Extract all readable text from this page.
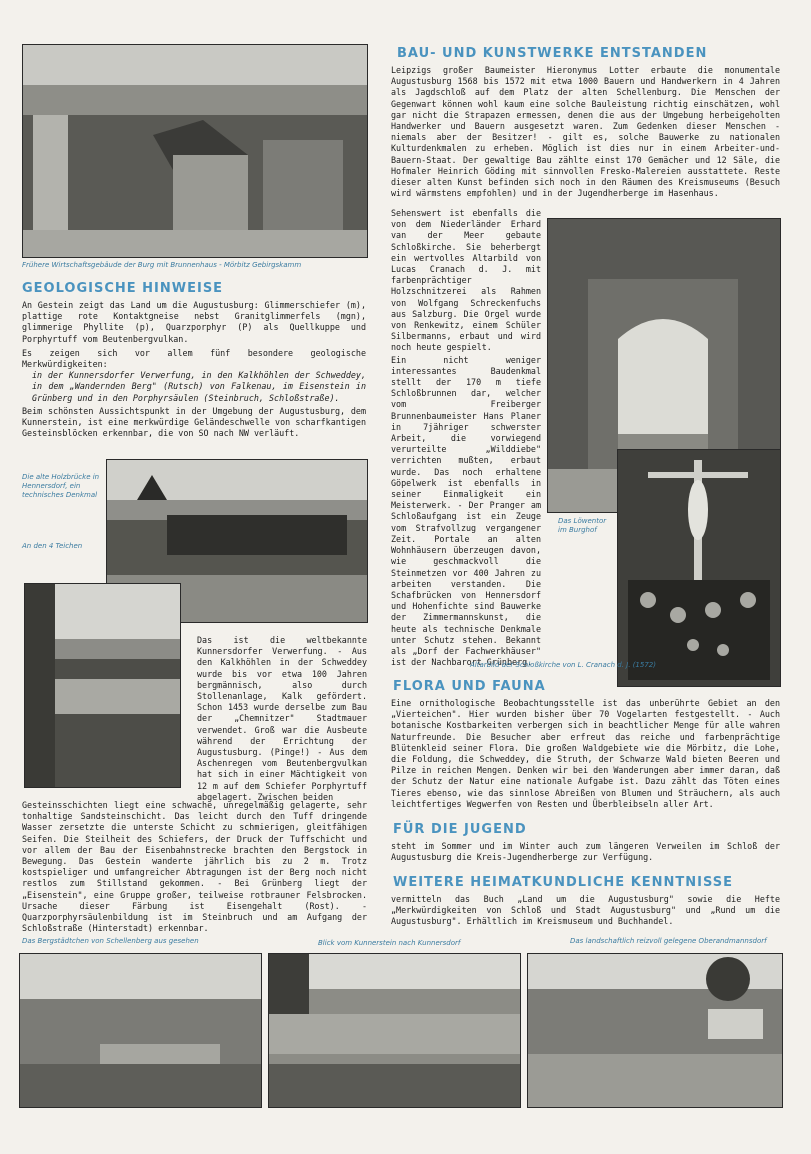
Frühere Wirtschaftsgebäude der Burg mit Brunnenhaus - Mörbitz Gebirgskamm
Die alte Holzbrücke in Hennersdorf, ein technisches Denkmal
An den 4 Teichen
Das Löwentor im Burghof
Das Bergstädtchen von Schellenberg aus gesehen	Blick vom Kunnerstein nach Kunnersdorf	Das landschaftlich reizvoll gelegene Oberandmannsdorf
GEOLOGISCHE HINWEISE

An Gestein zeigt das Land um die Augustusburg: Glimmerschiefer (m), plattige rote Kontaktgneise nebst Granitglimmerfels (mgn), glimmerige Phyllite (p), Quarzporphyr (P) als Quellkuppe und Porphyrtuff vom Beutenbergvulkan.

Es zeigen sich vor allem fünf besondere geologische Merkwürdigkeiten:

in der Kunnersdorfer Verwerfung, in den Kalkhöhlen der Schweddey, in dem „Wandernden Berg" (Rutsch) von Falkenau, im Eisenstein in Grünberg und in den Porphyrsäulen (Steinbruch, Schloßstraße).

Beim schönsten Aussichtspunkt in der Umgebung der Augustusburg, dem Kunnerstein, ist eine merkwürdige Geländeschwelle von scharfkantigen Gesteinsblöcken erkennbar, die von SO nach NW verläuft.

Das ist die weltbekannte Kunnersdorfer Verwerfung. - Aus den Kalkhöhlen in der Schweddey wurde bis vor etwa 100 Jahren bergmännisch, also durch Stollenanlage, Kalk gefördert. Schon 1453 wurde derselbe zum Bau der „Chemnitzer" Stadtmauer verwendet. Groß war die Ausbeute während der Errichtung der Augustusburg. (Pinge!) - Aus dem Aschenregen vom Beutenbergvulkan hat sich in einer Mächtigkeit von 12 m auf dem Schiefer Porphyrtuff abgelagert. Zwischen beiden
Gesteinsschichten liegt eine schwache, unregelmäßig gelagerte, sehr tonhaltige Sandsteinschicht. Das leicht durch den Tuff dringende Wasser zersetzte die unterste Schicht zu schmierigen, gleitfähigen Seifen. Die Steilheit des Schiefers, der Druck der Tuffschicht und vor allem der Bau der Eisenbahnstrecke brachten den Bergstock in Bewegung. Das Gestein wanderte jährlich bis zu 2 m. Trotz kostspieliger und umfangreicher Abtragungen ist der Berg noch nicht restlos zum Stillstand gekommen. - Bei Grünberg liegt der „Eisenstein", eine Gruppe großer, teilweise rotbrauner Felsbrocken. Ursache dieser Färbung ist Eisengehalt (Rost). - Quarzporphyrsäulenbildung ist im Steinbruch und am Aufgang der Schloßstraße (Hinterstadt) erkennbar.
BAU- UND KUNSTWERKE ENTSTANDEN
Leipzigs großer Baumeister Hieronymus Lotter erbaute die monumentale Augustusburg 1568 bis 1572 mit etwa 1000 Bauern und Handwerkern in 4 Jahren als Jagdschloß auf dem Platz der alten Schellenburg. Die Menschen der Gegenwart können wohl kaum eine solche Bauleistung richtig einschätzen, wohl gar nicht die Strapazen ermessen, denen die aus der Umgebung herbeigeholten Handwerker und Bauern ausgesetzt waren. Zum Gedenken dieser Menschen - niemals aber der Besitzer! - gilt es, solche Bauwerke zu nationalen Kulturdenkmalen zu erheben. Möglich ist dies nur in einem Arbeiter-und-Bauern-Staat. Der gewaltige Bau zählte einst 170 Gemächer und 12 Säle, die Hofmaler Heinrich Göding mit sinnvollen Fresko-Malereien ausstattete. Reste dieser alten Kunst befinden sich noch in den Räumen des Kreismuseums (Besuch wird wärmstens empfohlen) und in der Jugendherberge im Hasenhaus.

Sehenswert ist ebenfalls die von dem Niederländer Erhard van der Meer gebaute Schloßkirche. Sie beherbergt ein wertvolles Altarbild von Lucas Cranach d. J. mit farbenprächtiger Holzschnitzerei als Rahmen von Wolfgang Schreckenfuchs aus Salzburg. Die Orgel wurde von Renkewitz, einem Schüler Silbermanns, erbaut und wird noch heute gespielt.

Ein nicht weniger interessantes Baudenkmal stellt der 170 m tiefe Schloßbrunnen dar, welcher vom Freiberger Brunnenbaumeister Hans Planer in 7jähriger schwerster Arbeit, die vorwiegend verurteilte „Wilddiebe" verrichten mußten, erbaut wurde. Das noch erhaltene Göpelwerk ist ebenfalls in seiner Einmaligkeit ein Meisterwerk. - Der Pranger am Schloßaufgang ist ein Zeuge vom Strafvollzug vergangener Zeit. Portale an alten Wohnhäusern überzeugen davon, wie geschmackvoll die Steinmetzen vor 400 Jahren zu arbeiten verstanden. Die Schafbrücken von Hennersdorf und Hohenfichte sind Bauwerke der Zimmermannskunst, die heute als technische Denkmale unter Schutz stehen. Bekannt als „Dorf der Fachwerkhäuser" ist der Nachbarort Grünberg.

Altarbild der Schloßkirche von L. Cranach d. J. (1572)
FLORA UND FAUNA
Eine ornithologische Beobachtungsstelle ist das unberührte Gebiet an den „Vierteichen". Hier wurden bisher über 70 Vogelarten festgestellt. - Auch botanische Kostbarkeiten verbergen sich in beachtlicher Menge für alle wahren Naturfreunde. Die Besucher aber erfreut das reiche und farbenprächtige Blütenkleid seiner Flora. Die großen Waldgebiete wie die Mörbitz, die Lohe, die Foldung, die Schweddey, die Struth, der Schwarze Wald bieten Beeren und Pilze in reichen Mengen. Denken wir bei den Wanderungen aber immer daran, daß der Schutz der Natur eine nationale Aufgabe ist. Dazu zählt das Töten eines Tieres ebenso, wie das sinnlose Abreißen von Blumen und Sträuchern, als auch leichtfertiges Wegwerfen von Resten und Überbleibseln aller Art.
FÜR DIE JUGEND
steht im Sommer und im Winter auch zum längeren Verweilen im Schloß der Augustusburg die Kreis-Jugendherberge zur Verfügung.
WEITERE HEIMATKUNDLICHE KENNTNISSE
vermitteln das Buch „Land um die Augustusburg" sowie die Hefte „Merkwürdigkeiten von Schloß und Stadt Augustusburg" und „Rund um die Augustusburg". Erhältlich im Kreismuseum und Buchhandel.
